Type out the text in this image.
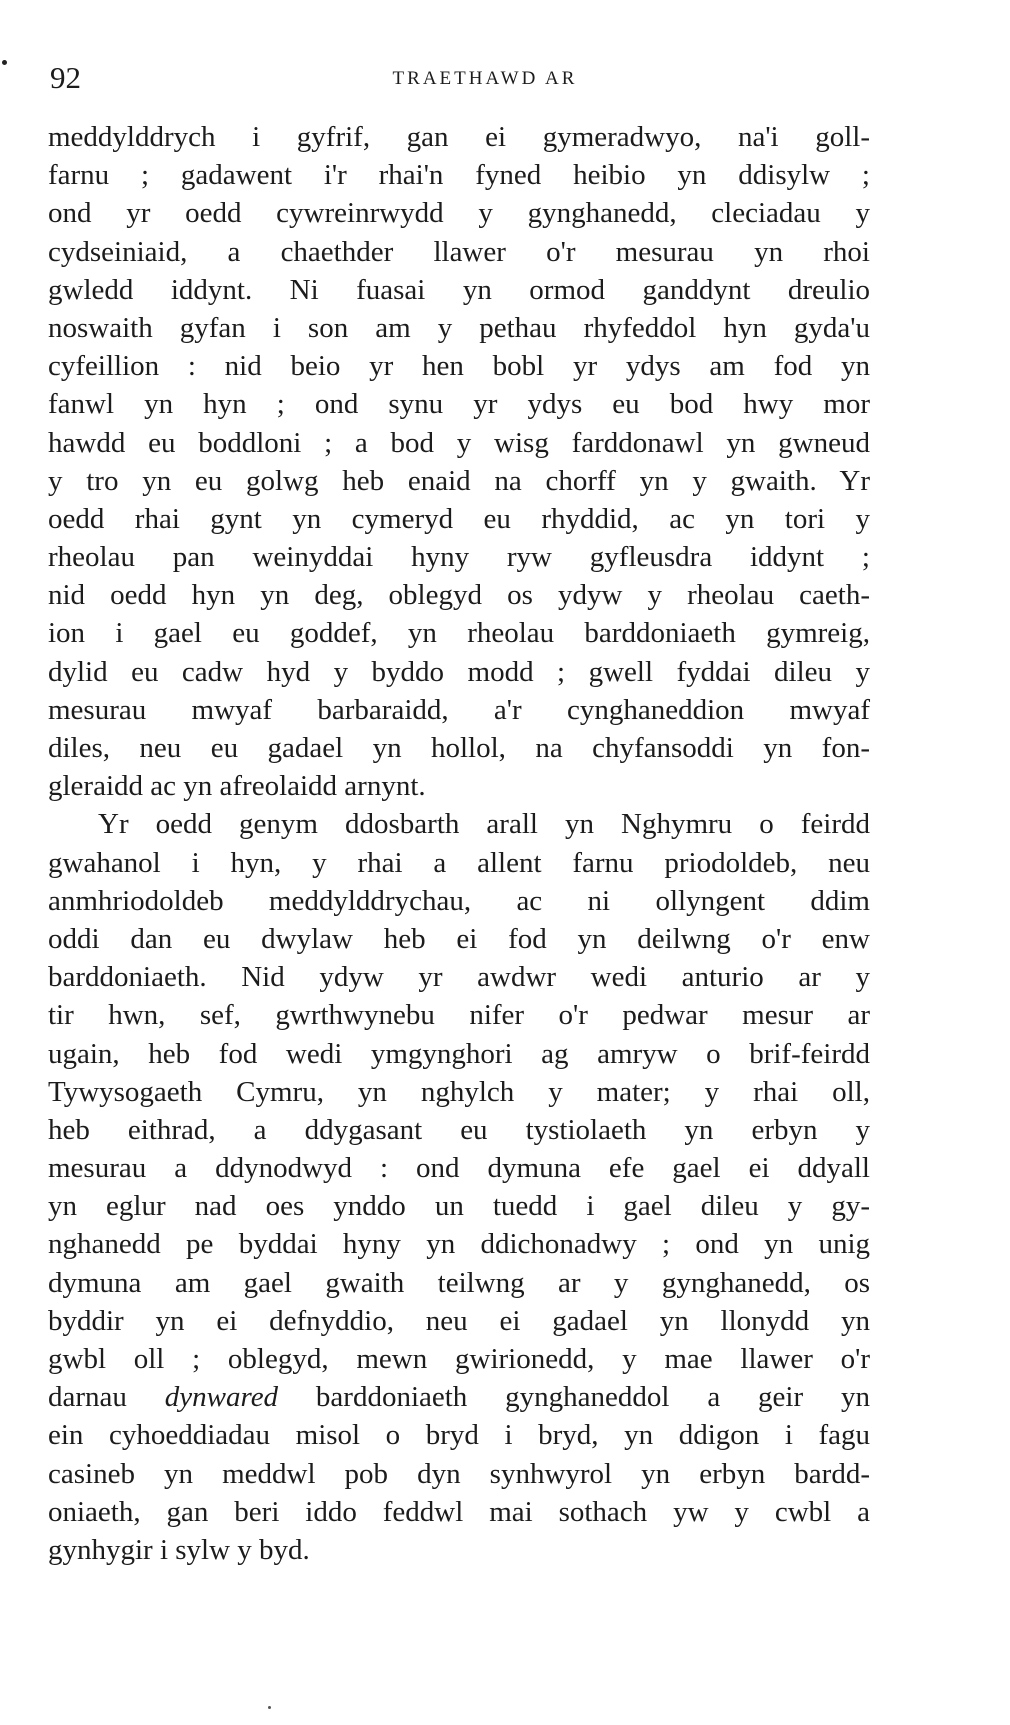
92	TRAETHAWD AR
meddylddrych i gyfrif, gan ei gymeradwyo, na'i goll-
farnu ; gadawent i'r rhai'n fyned heibio yn ddisylw ;
ond yr oedd cywreinrwydd y gynghanedd, cleciadau y
cydseiniaid, a chaethder llawer o'r mesurau yn rhoi
gwledd iddynt. Ni fuasai yn ormod ganddynt dreulio
noswaith gyfan i son am y pethau rhyfeddol hyn gyda'u
cyfeillion : nid beio yr hen bobl yr ydys am fod yn
fanwl yn hyn ; ond synu yr ydys eu bod hwy mor
hawdd eu boddloni ; a bod y wisg farddonawl yn gwneud
y tro yn eu golwg heb enaid na chorff yn y gwaith. Yr
oedd rhai gynt yn cymeryd eu rhyddid, ac yn tori y
rheolau pan weinyddai hyny ryw gyfleusdra iddynt ;
nid oedd hyn yn deg, oblegyd os ydyw y rheolau caeth-
ion i gael eu goddef, yn rheolau barddoniaeth gymreig,
dylid eu cadw hyd y byddo modd ; gwell fyddai dileu y
mesurau mwyaf barbaraidd, a'r cynghaneddion mwyaf
diles, neu eu gadael yn hollol, na chyfansoddi yn fon-
gleraidd ac yn afreolaidd arnynt.
Yr oedd genym ddosbarth arall yn Nghymru o feirdd
gwahanol i hyn, y rhai a allent farnu priodoldeb, neu
anmhriodoldeb meddylddrychau, ac ni ollyngent ddim
oddi dan eu dwylaw heb ei fod yn deilwng o'r enw
barddoniaeth. Nid ydyw yr awdwr wedi anturio ar y
tir hwn, sef, gwrthwynebu nifer o'r pedwar mesur ar
ugain, heb fod wedi ymgynghori ag amryw o brif-feirdd
Tywysogaeth Cymru, yn nghylch y mater; y rhai oll,
heb eithrad, a ddygasant eu tystiolaeth yn erbyn y
mesurau a ddynodwyd : ond dymuna efe gael ei ddyall
yn eglur nad oes ynddo un tuedd i gael dileu y gy-
nghanedd pe byddai hyny yn ddichonadwy ; ond yn unig
dymuna am gael gwaith teilwng ar y gynghanedd, os
byddir yn ei defnyddio, neu ei gadael yn llonydd yn
gwbl oll ; oblegyd, mewn gwirionedd, y mae llawer o'r
darnau dynwared barddoniaeth gynghaneddol a geir yn
ein cyhoeddiadau misol o bryd i bryd, yn ddigon i fagu
casineb yn meddwl pob dyn synhwyrol yn erbyn bardd-
oniaeth, gan beri iddo feddwl mai sothach yw y cwbl a
gynhygir i sylw y byd.
